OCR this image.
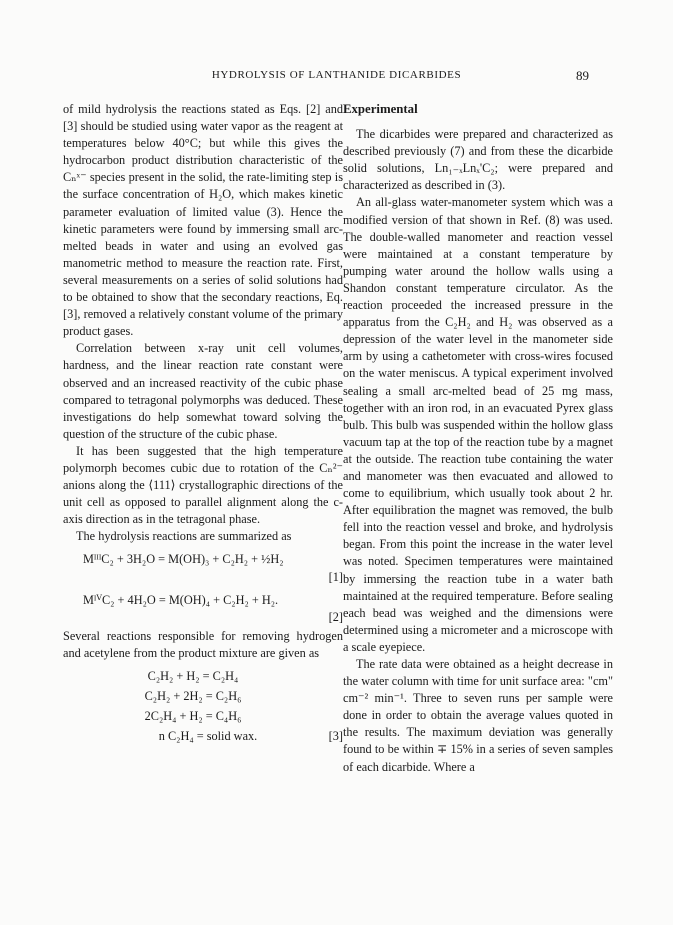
HYDROLYSIS OF LANTHANIDE DICARBIDES	89

of mild hydrolysis the reactions stated as Eqs. [2] and [3] should be studied using water vapor as the reagent at temperatures below 40°C; but while this gives the hydrocarbon product distribution characteristic of the Cₙˣ⁻ species present in the solid, the rate-limiting step is the surface concentration of H₂O, which makes kinetic parameter evaluation of limited value (3). Hence the kinetic parameters were found by immersing small arc-melted beads in water and using an evolved gas manometric method to measure the reaction rate. First, several measurements on a series of solid solutions had to be obtained to show that the secondary reactions, Eq. [3], removed a relatively constant volume of the primary product gases.

Correlation between x-ray unit cell volumes, hardness, and the linear reaction rate constant were observed and an increased reactivity of the cubic phase compared to tetragonal polymorphs was deduced. These investigations do help somewhat toward solving the question of the structure of the cubic phase.

It has been suggested that the high temperature polymorph becomes cubic due to rotation of the Cₙ²⁻ anions along the ⟨111⟩ crystallographic directions of the unit cell as opposed to parallel alignment along the c-axis direction as in the tetragonal phase.

The hydrolysis reactions are summarized as

MᴵᴵᴵC₂ + 3H₂O = M(OH)₃ + C₂H₂ + ½H₂
[1]
MᴵⱽC₂ + 4H₂O = M(OH)₄ + C₂H₂ + H₂.
[2]

Several reactions responsible for removing hydrogen and acetylene from the product mixture are given as

C₂H₂ + H₂ = C₂H₄
C₂H₂ + 2H₂ = C₂H₆
2C₂H₄ + H₂ = C₄H₆
n C₂H₄ = solid wax.	[3]
Experimental

The dicarbides were prepared and characterized as described previously (7) and from these the dicarbide solid solutions, Ln₁₋ₓLnₓ'C₂; were prepared and characterized as described in (3).

An all-glass water-manometer system which was a modified version of that shown in Ref. (8) was used. The double-walled manometer and reaction vessel were maintained at a constant temperature by pumping water around the hollow walls using a Shandon constant temperature circulator. As the reaction proceeded the increased pressure in the apparatus from the C₂H₂ and H₂ was observed as a depression of the water level in the manometer side arm by using a cathetometer with cross-wires focused on the water meniscus. A typical experiment involved sealing a small arc-melted bead of 25 mg mass, together with an iron rod, in an evacuated Pyrex glass bulb. This bulb was suspended within the hollow glass vacuum tap at the top of the reaction tube by a magnet at the outside. The reaction tube containing the water and manometer was then evacuated and allowed to come to equilibrium, which usually took about 2 hr. After equilibration the magnet was removed, the bulb fell into the reaction vessel and broke, and hydrolysis began. From this point the increase in the water level was noted. Specimen temperatures were maintained by immersing the reaction tube in a water bath maintained at the required temperature. Before sealing each bead was weighed and the dimensions were determined using a micrometer and a microscope with a scale eyepiece.

The rate data were obtained as a height decrease in the water column with time for unit surface area: "cm" cm⁻² min⁻¹. Three to seven runs per sample were done in order to obtain the average values quoted in the results. The maximum deviation was generally found to be within ∓ 15% in a series of seven samples of each dicarbide. Where a
